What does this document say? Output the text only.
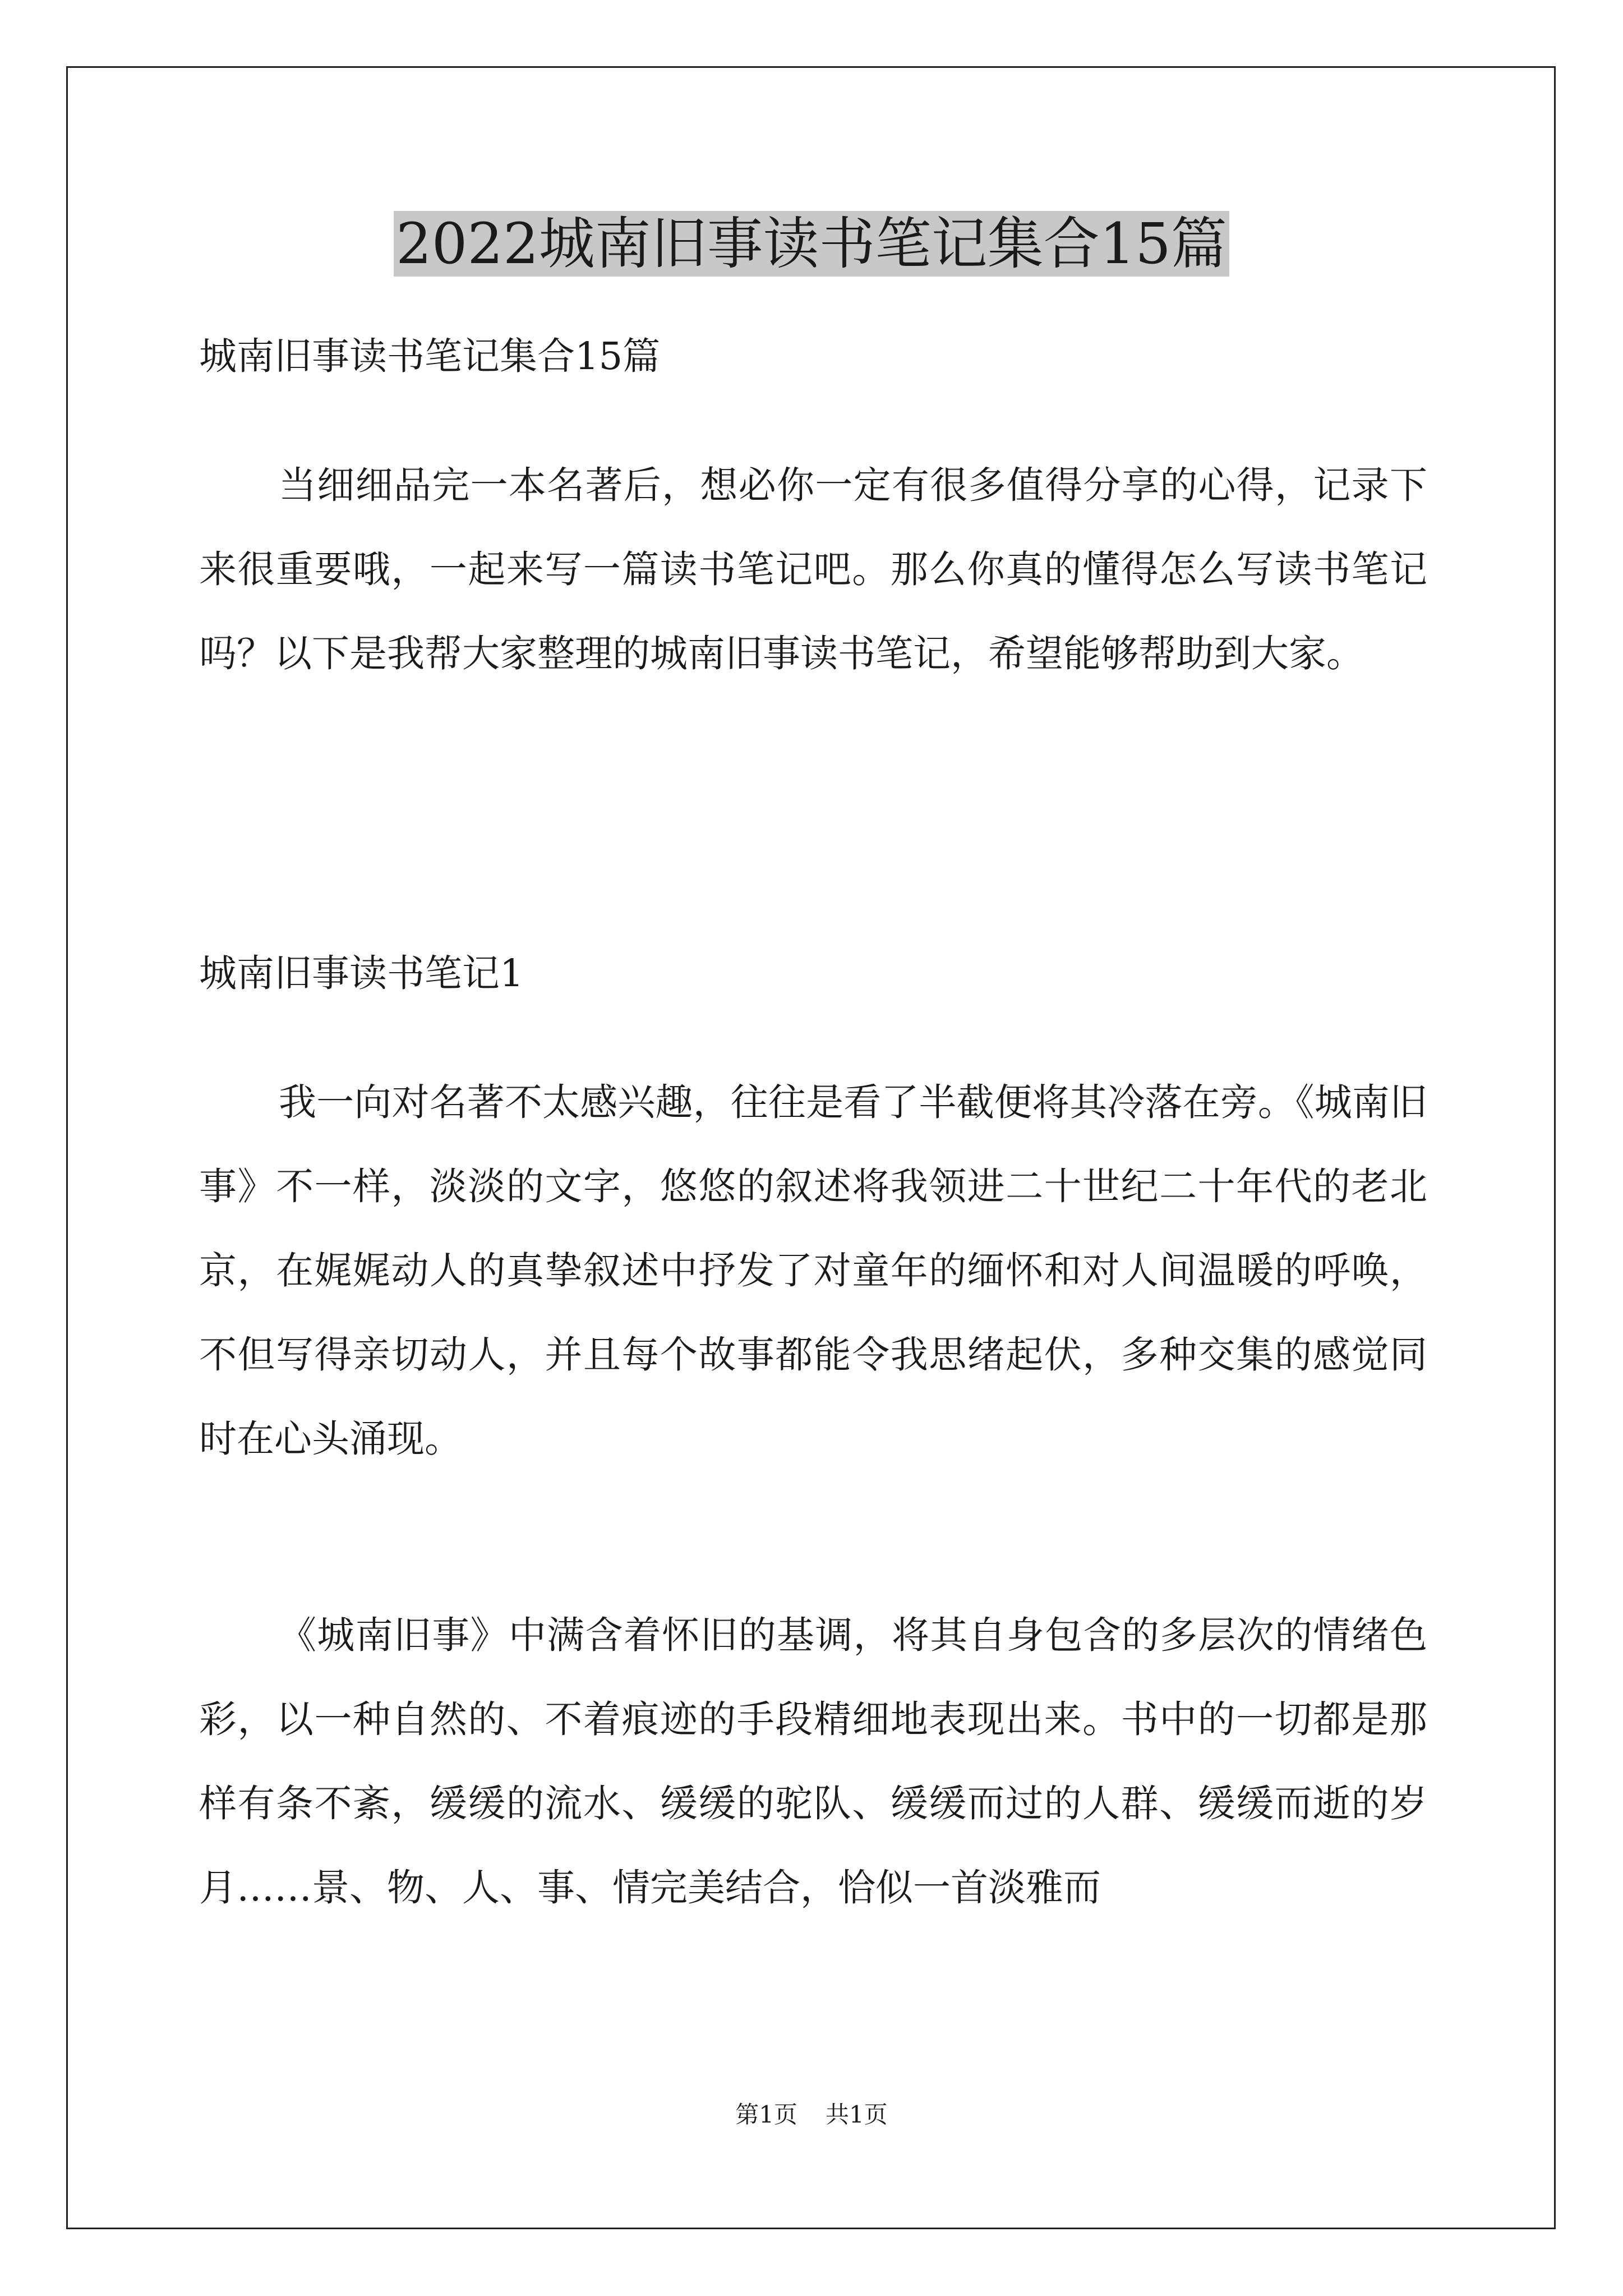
2022城南旧事读书笔记集合15篇

城南旧事读书笔记集合15篇

当细细品完一本名著后，想必你一定有很多值得分享的心得，记录下来很重要哦，一起来写一篇读书笔记吧。那么你真的懂得怎么写读书笔记吗？以下是我帮大家整理的城南旧事读书笔记，希望能够帮助到大家。

城南旧事读书笔记1

我一向对名著不太感兴趣，往往是看了半截便将其冷落在旁。《城南旧事》不一样，淡淡的文字，悠悠的叙述将我领进二十世纪二十年代的老北京，在娓娓动人的真挚叙述中抒发了对童年的缅怀和对人间温暖的呼唤，不但写得亲切动人，并且每个故事都能令我思绪起伏，多种交集的感觉同时在心头涌现。

《城南旧事》中满含着怀旧的基调，将其自身包含的多层次的情绪色彩，以一种自然的、不着痕迹的手段精细地表现出来。书中的一切都是那样有条不紊，缓缓的流水、缓缓的驼队、缓缓而过的人群、缓缓而逝的岁月……景、物、人、事、情完美结合，恰似一首淡雅而

第1页 共1页
